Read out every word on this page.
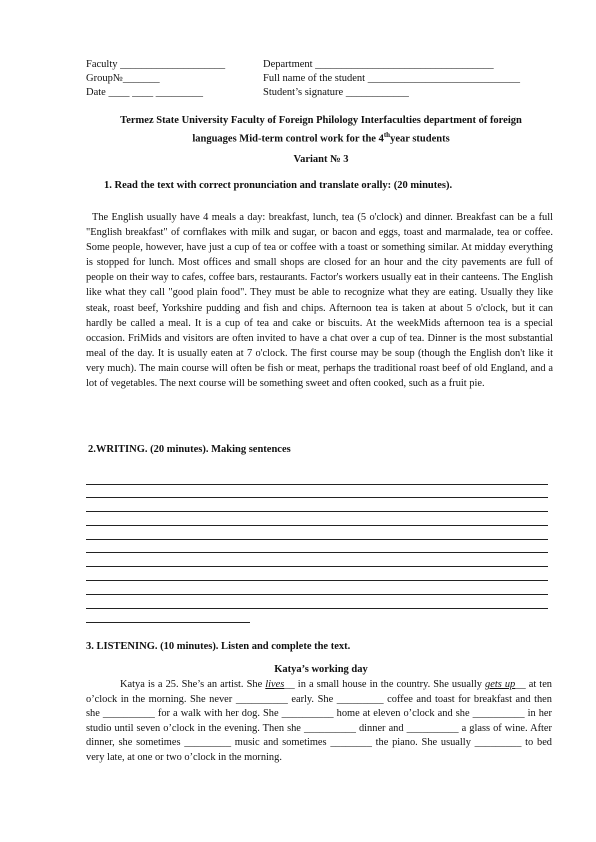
Faculty ____________________	Department __________________________________
Group№_______	Full name of the student _____________________________
Date ____ ____ _________	Student’s signature ____________
Termez State University Faculty of Foreign Philology Interfaculties department of foreign
languages Mid-term control work for the 4thyear students
Variant № 3
1. Read the text with correct pronunciation and translate orally: (20 minutes).
The English usually have 4 meals a day: breakfast, lunch, tea (5 o'clock) and dinner. Breakfast can be a full "English breakfast" of cornflakes with milk and sugar, or bacon and eggs, toast and marmalade, tea or coffee. Some people, however, have just a cup of tea or coffee with a toast or something similar. At midday everything is stopped for lunch. Most offices and small shops are closed for an hour and the city pavements are full of people on their way to cafes, coffee bars, restaurants. Factor's workers usually eat in their canteens. The English like what they call "good plain food". They must be able to recognize what they are eating. Usually they like steak, roast beef, Yorkshire pudding and fish and chips. Afternoon tea is taken at about 5 o'clock, but it can hardly be called a meal. It is a cup of tea and cake or biscuits. At the weekMids afternoon tea is a special occasion. FriMids and visitors are often invited to have a chat over a cup of tea. Dinner is the most substantial meal of the day. It is usually eaten at 7 o'clock. The first course may be soup (though the English don't like it very much). The main course will often be fish or meat, perhaps the traditional roast beef of old England, and a lot of vegetables. The next course will be something sweet and often cooked, such as a fruit pie.
2.WRITING. (20 minutes). Making sentences
3. LISTENING. (10 minutes). Listen and complete the text.
Katya’s working day
Katya is a 25. She’s an artist. She lives__ in a small house in the country. She usually gets up__ at ten o’clock in the morning. She never __________ early. She _________ coffee and toast for breakfast and then she __________ for a walk with her dog. She __________ home at eleven o’clock and she __________ in her studio until seven o’clock in the evening. Then she __________ dinner and __________ a glass of wine. After dinner, she sometimes _________ music and sometimes ________ the piano. She usually _________ to bed very late, at one or two o’clock in the morning.
